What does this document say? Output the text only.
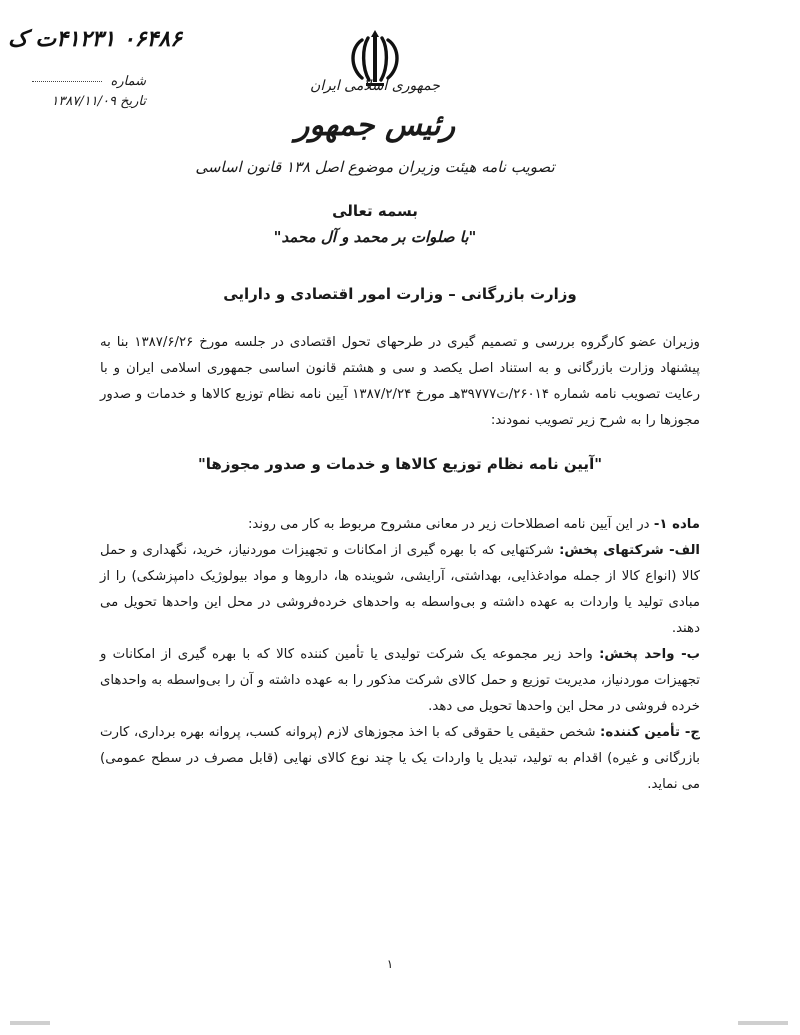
۰۶۴۸۶ ۴۱۲۳۱ت ک
شماره
تاریخ ۱۳۸۷/۱۱/۰۹
جمهوری اسلامی ایران
رئیس جمهور
تصویب نامه هیئت وزیران موضوع اصل ۱۳۸ قانون اساسی
بسمه تعالی
"با صلوات بر محمد و آل محمد"
وزارت بازرگانی – وزارت امور اقتصادی و دارایی
وزیران عضو کارگروه بررسی و تصمیم گیری در طرحهای تحول اقتصادی در جلسه مورخ ۱۳۸۷/۶/۲۶ بنا به پیشنهاد وزارت بازرگانی و به استناد اصل یکصد و سی و هشتم قانون اساسی جمهوری اسلامی ایران و با رعایت تصویب نامه شماره ۲۶۰۱۴/ت۳۹۷۷۷هـ مورخ ۱۳۸۷/۲/۲۴ آیین نامه نظام توزیع کالاها و خدمات و صدور مجوزها را به شرح زیر تصویب نمودند:
"آیین نامه نظام توزیع کالاها و خدمات و صدور مجوزها"

ماده ۱- در این آیین نامه اصطلاحات زیر در معانی مشروح مربوط به کار می روند:

الف- شرکتهای پخش: شرکتهایی که با بهره گیری از امکانات و تجهیزات موردنیاز، خرید، نگهداری و حمل کالا (انواع کالا از جمله موادغذایی، بهداشتی، آرایشی، شوینده ها، داروها و مواد بیولوژیک دامپزشکی) را از مبادی تولید یا واردات به عهده داشته و بی‌واسطه به واحدهای خرده‌فروشی در محل این واحدها تحویل می دهند.

ب- واحد پخش: واحد زیر مجموعه یک شرکت تولیدی یا تأمین کننده کالا که با بهره گیری از امکانات و تجهیزات موردنیاز، مدیریت توزیع و حمل کالای شرکت مذکور را به عهده داشته و آن را بی‌واسطه به واحدهای خرده فروشی در محل این واحدها تحویل می دهد.

ج- تأمین کننده: شخص حقیقی یا حقوقی که با اخذ مجوزهای لازم (پروانه کسب، پروانه بهره برداری، کارت بازرگانی و غیره) اقدام به تولید، تبدیل یا واردات یک یا چند نوع کالای نهایی (قابل مصرف در سطح عمومی) می نماید.

۱
